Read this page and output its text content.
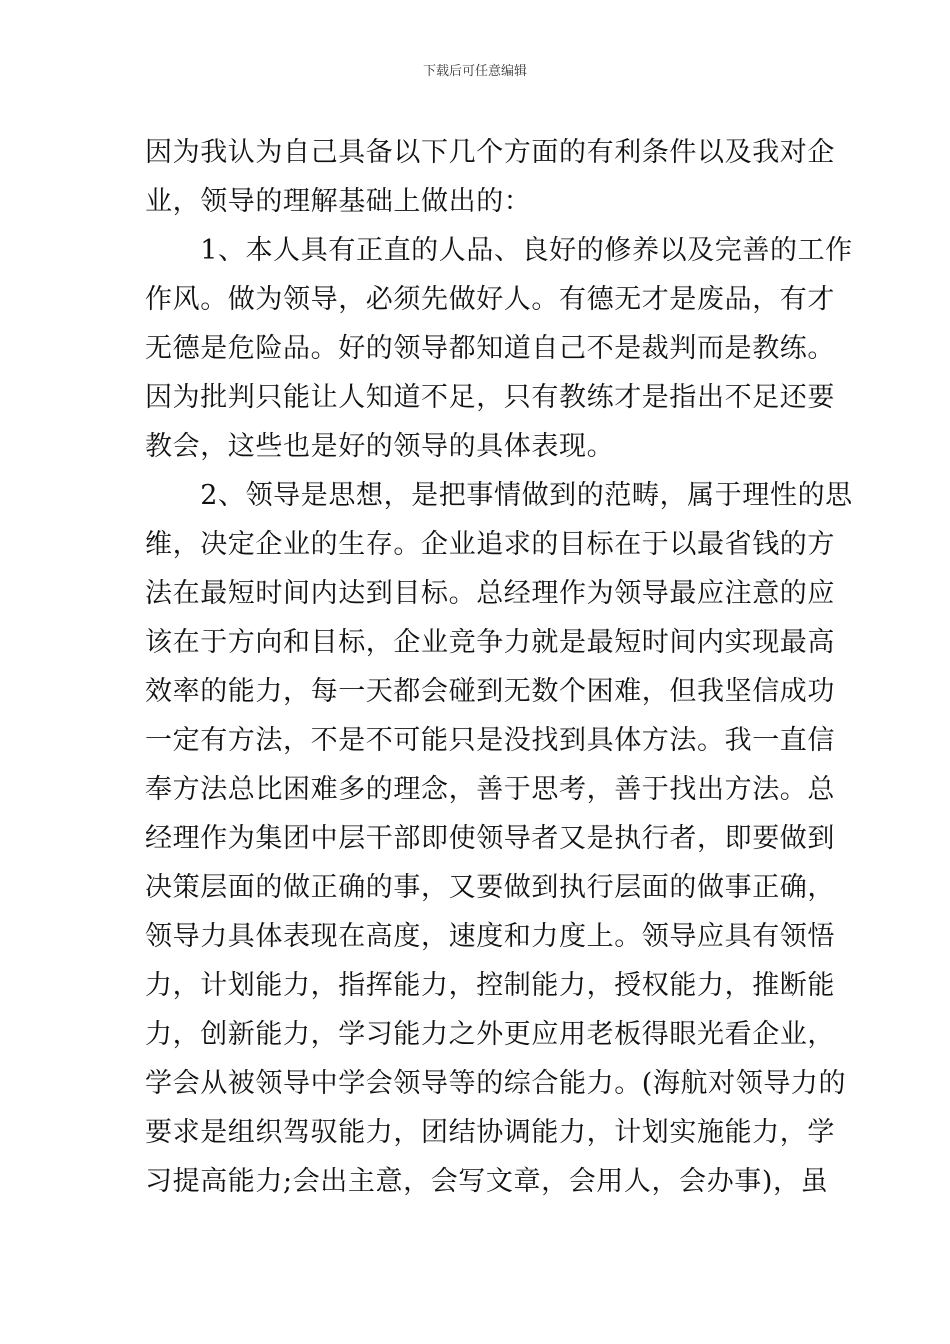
下载后可任意编辑
因为我认为自己具备以下几个方面的有利条件以及我对企
业，领导的理解基础上做出的：
　　1、本人具有正直的人品、良好的修养以及完善的工作
作风。做为领导，必须先做好人。有德无才是废品，有才
无德是危险品。好的领导都知道自己不是裁判而是教练。
因为批判只能让人知道不足，只有教练才是指出不足还要
教会，这些也是好的领导的具体表现。
　　2、领导是思想，是把事情做到的范畴，属于理性的思
维，决定企业的生存。企业追求的目标在于以最省钱的方
法在最短时间内达到目标。总经理作为领导最应注意的应
该在于方向和目标，企业竞争力就是最短时间内实现最高
效率的能力，每一天都会碰到无数个困难，但我坚信成功
一定有方法，不是不可能只是没找到具体方法。我一直信
奉方法总比困难多的理念，善于思考，善于找出方法。总
经理作为集团中层干部即使领导者又是执行者，即要做到
决策层面的做正确的事，又要做到执行层面的做事正确，
领导力具体表现在高度，速度和力度上。领导应具有领悟
力，计划能力，指挥能力，控制能力，授权能力，推断能
力，创新能力，学习能力之外更应用老板得眼光看企业，
学会从被领导中学会领导等的综合能力。(海航对领导力的
要求是组织驾驭能力，团结协调能力，计划实施能力，学
习提高能力;会出主意，会写文章，会用人，会办事)，虽
